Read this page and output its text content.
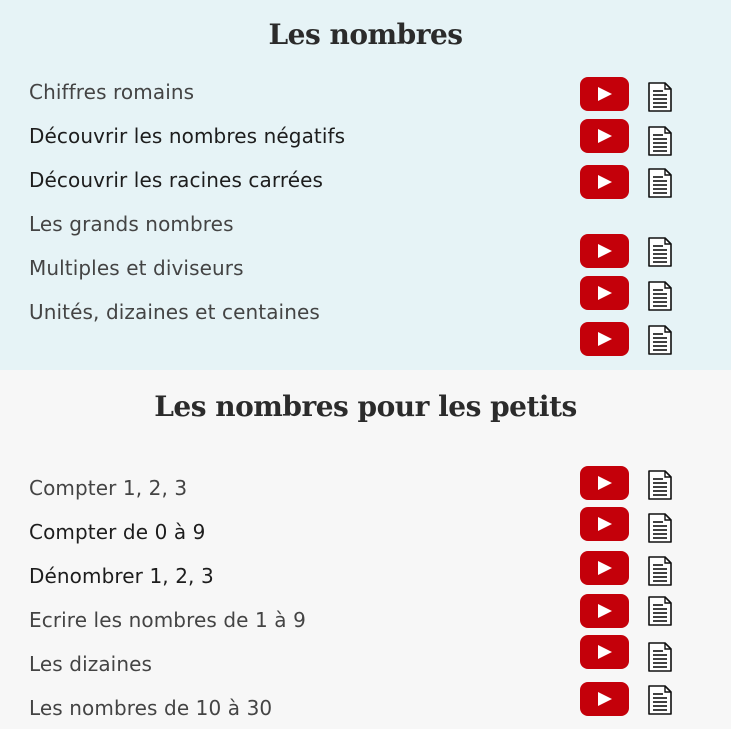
Les nombres
Chiffres romains
Découvrir les nombres négatifs
Découvrir les racines carrées
Les grands nombres
Multiples et diviseurs
Unités, dizaines et centaines
Les nombres pour les petits
Compter 1, 2, 3
Compter de 0 à 9
Dénombrer 1, 2, 3
Ecrire les nombres de 1 à 9
Les dizaines
Les nombres de 10 à 30
